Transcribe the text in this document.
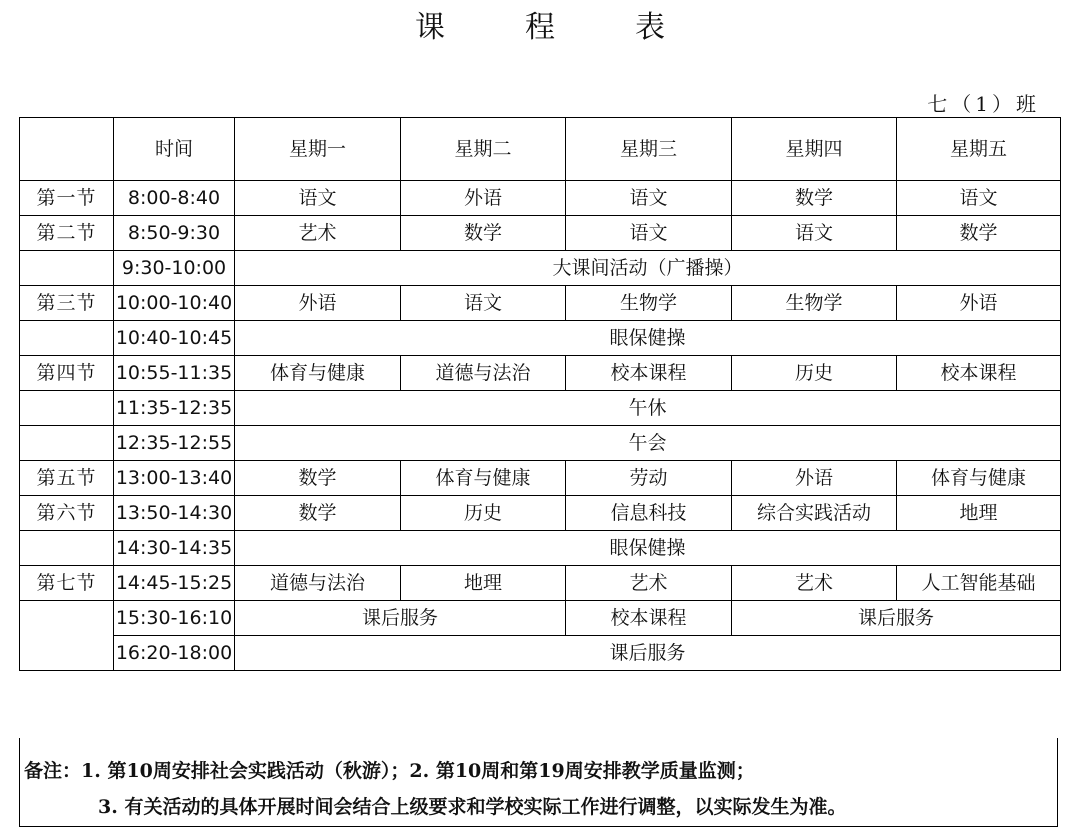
课	程	表
七（1）班
	时间	星期一	星期二	星期三	星期四	星期五
第一节	8:00-8:40	语文	外语	语文	数学	语文
第二节	8:50-9:30	艺术	数学	语文	语文	数学
	9:30-10:00	大课间活动（广播操）				
第三节	10:00-10:40	外语	语文	生物学	生物学	外语
	10:40-10:45	眼保健操				
第四节	10:55-11:35	体育与健康	道德与法治	校本课程	历史	校本课程
	11:35-12:35	午休				
	12:35-12:55	午会				
第五节	13:00-13:40	数学	体育与健康	劳动	外语	体育与健康
第六节	13:50-14:30	数学	历史	信息科技	综合实践活动	地理
	14:30-14:35	眼保健操				
第七节	14:45-15:25	道德与法治	地理	艺术	艺术	人工智能基础
	15:30-16:10	课后服务		校本课程	课后服务	
	16:20-18:00	课后服务				
备注：1. 第10周安排社会实践活动（秋游）；2. 第10周和第19周安排教学质量监测；
3. 有关活动的具体开展时间会结合上级要求和学校实际工作进行调整，以实际发生为准。
